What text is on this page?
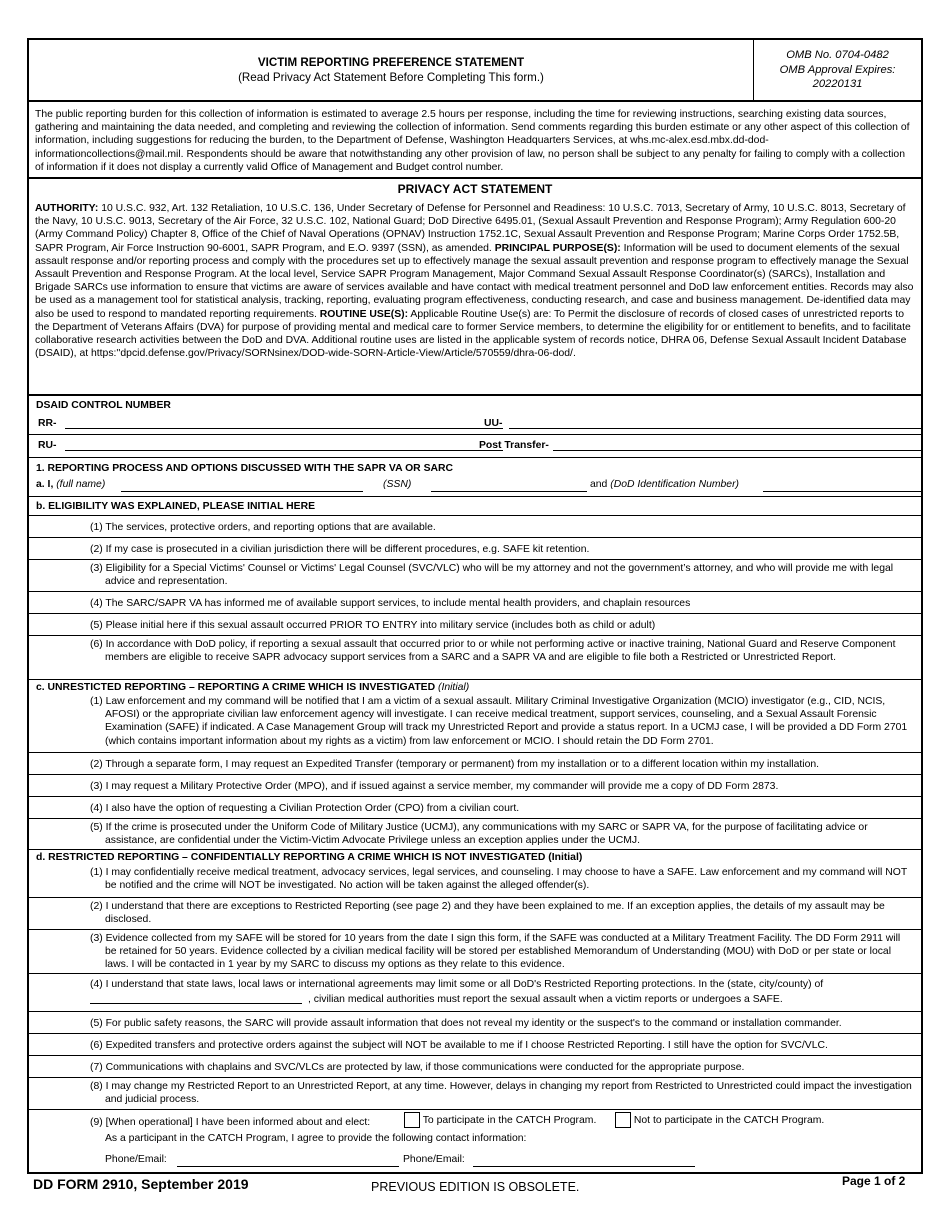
VICTIM REPORTING PREFERENCE STATEMENT
(Read Privacy Act Statement Before Completing This form.)
OMB No. 0704-0482
OMB Approval Expires:
20220131
The public reporting burden for this collection of information is estimated to average 2.5 hours per response, including the time for reviewing instructions, searching existing data sources, gathering and maintaining the data needed, and completing and reviewing the collection of information. Send comments regarding this burden estimate or any other aspect of this collection of information, including suggestions for reducing the burden, to the Department of Defense, Washington Headquarters Services, at whs.mc-alex.esd.mbx.dd-dod-informationcollections@mail.mil. Respondents should be aware that notwithstanding any other provision of law, no person shall be subject to any penalty for failing to comply with a collection of information if it does not display a currently valid Office of Management and Budget control number.
PRIVACY ACT STATEMENT
AUTHORITY: 10 U.S.C. 932, Art. 132 Retaliation, 10 U.S.C. 136, Under Secretary of Defense for Personnel and Readiness: 10 U.S.C. 7013, Secretary of Army, 10 U.S.C. 8013, Secretary of the Navy, 10 U.S.C. 9013, Secretary of the Air Force, 32 U.S.C. 102, National Guard; DoD Directive 6495.01, (Sexual Assault Prevention and Response Program); Army Regulation 600-20 (Army Command Policy) Chapter 8, Office of the Chief of Naval Operations (OPNAV) Instruction 1752.1C, Sexual Assault Prevention and Response Program; Marine Corps Order 1752.5B, SAPR Program, Air Force Instruction 90-6001, SAPR Program, and E.O. 9397 (SSN), as amended. PRINCIPAL PURPOSE(S): Information will be used to document elements of the sexual assault response and/or reporting process and comply with the procedures set up to effectively manage the sexual assault prevention and response program to effectively manage the Sexual Assault Prevention and Response Program. At the local level, Service SAPR Program Management, Major Command Sexual Assault Response Coordinator(s) (SARCs), Installation and Brigade SARCs use information to ensure that victims are aware of services available and have contact with medical treatment personnel and DoD law enforcement entities. Records may also be used as a management tool for statistical analysis, tracking, reporting, evaluating program effectiveness, conducting research, and case and business management. De-identified data may also be used to respond to mandated reporting requirements. ROUTINE USE(S): Applicable Routine Use(s) are: To Permit the disclosure of records of closed cases of unrestricted reports to the Department of Veterans Affairs (DVA) for purpose of providing mental and medical care to former Service members, to determine the eligibility for or entitlement to benefits, and to facilitate collaborative research activities between the DoD and DVA. Additional routine uses are listed in the applicable system of records notice, DHRA 06, Defense Sexual Assault Incident Database (DSAID), at https:''dpcid.defense.gov/Privacy/SORNsinex/DOD-wide-SORN-Article-View/Article/570559/dhra-06-dod/.
DSAID CONTROL NUMBER
RR-	UU-
RU-	Post Transfer-
1. REPORTING PROCESS AND OPTIONS DISCUSSED WITH THE SAPR VA OR SARC
a. I, (full name)	(SSN)	and (DoD Identification Number)
b. ELIGIBILITY WAS EXPLAINED, PLEASE INITIAL HERE
(1) The services, protective orders, and reporting options that are available.
(2) If my case is prosecuted in a civilian jurisdiction there will be different procedures, e.g. SAFE kit retention.
(3) Eligibility for a Special Victims' Counsel or Victims' Legal Counsel (SVC/VLC) who will be my attorney and not the government’s attorney, and who will provide me with legal advice and representation.
(4) The SARC/SAPR VA has informed me of available support services, to include mental health providers, and chaplain resources
(5) Please initial here if this sexual assault occurred PRIOR TO ENTRY into military service (includes both as child or adult)
(6) In accordance with DoD policy, if reporting a sexual assault that occurred prior to or while not performing active or inactive training, National Guard and Reserve Component members are eligible to receive SAPR advocacy support services from a SARC and a SAPR VA and are eligible to file both a Restricted or Unrestricted Report.
c. UNRESTICTED REPORTING – REPORTING A CRIME WHICH IS INVESTIGATED (Initial)
(1) Law enforcement and my command will be notified that I am a victim of a sexual assault. Military Criminal Investigative Organization (MCIO) investigator (e.g., CID, NCIS, AFOSI) or the appropriate civilian law enforcement agency will investigate. I can receive medical treatment, support services, counseling, and a Sexual Assault Forensic Examination (SAFE) if indicated. A Case Management Group will track my Unrestricted Report and provide a status report. In a UCMJ case, I will be provided a DD Form 2701 (which contains important information about my rights as a victim) from law enforcement or MCIO. I should retain the DD Form 2701.
(2) Through a separate form, I may request an Expedited Transfer (temporary or permanent) from my installation or to a different location within my installation.
(3) I may request a Military Protective Order (MPO), and if issued against a service member, my commander will provide me a copy of DD Form 2873.
(4) I also have the option of requesting a Civilian Protection Order (CPO) from a civilian court.
(5) If the crime is prosecuted under the Uniform Code of Military Justice (UCMJ), any communications with my SARC or SAPR VA, for the purpose of facilitating advice or assistance, are confidential under the Victim-Victim Advocate Privilege unless an exception applies under the UCMJ.
d. RESTRICTED REPORTING – CONFIDENTIALLY REPORTING A CRIME WHICH IS NOT INVESTIGATED (Initial)
(1) I may confidentially receive medical treatment, advocacy services, legal services, and counseling. I may choose to have a SAFE. Law enforcement and my command will NOT be notified and the crime will NOT be investigated. No action will be taken against the alleged offender(s).
(2) I understand that there are exceptions to Restricted Reporting (see page 2) and they have been explained to me. If an exception applies, the details of my assault may be disclosed.
(3) Evidence collected from my SAFE will be stored for 10 years from the date I sign this form, if the SAFE was conducted at a Military Treatment Facility. The DD Form 2911 will be retained for 50 years. Evidence collected by a civilian medical facility will be stored per established Memorandum of Understanding (MOU) with DoD or per state or local laws. I will be contacted in 1 year by my SARC to discuss my options as they relate to this evidence.
(4) I understand that state laws, local laws or international agreements may limit some or all DoD's Restricted Reporting protections. In the (state, city/county) of
, civilian medical authorities must report the sexual assault when a victim reports or undergoes a SAFE.
(5) For public safety reasons, the SARC will provide assault information that does not reveal my identity or the suspect's to the command or installation commander.
(6) Expedited transfers and protective orders against the subject will NOT be available to me if I choose Restricted Reporting. I still have the option for SVC/VLC.
(7) Communications with chaplains and SVC/VLCs are protected by law, if those communications were conducted for the appropriate purpose.
(8) I may change my Restricted Report to an Unrestricted Report, at any time. However, delays in changing my report from Restricted to Unrestricted could impact the investigation and judicial process.
(9) [When operational] I have been informed about and elect:	To participate in the CATCH Program.	Not to participate in the CATCH Program.
As a participant in the CATCH Program, I agree to provide the following contact information:
Phone/Email:	Phone/Email:
DD FORM 2910, September 2019	PREVIOUS EDITION IS OBSOLETE.	Page 1 of 2
